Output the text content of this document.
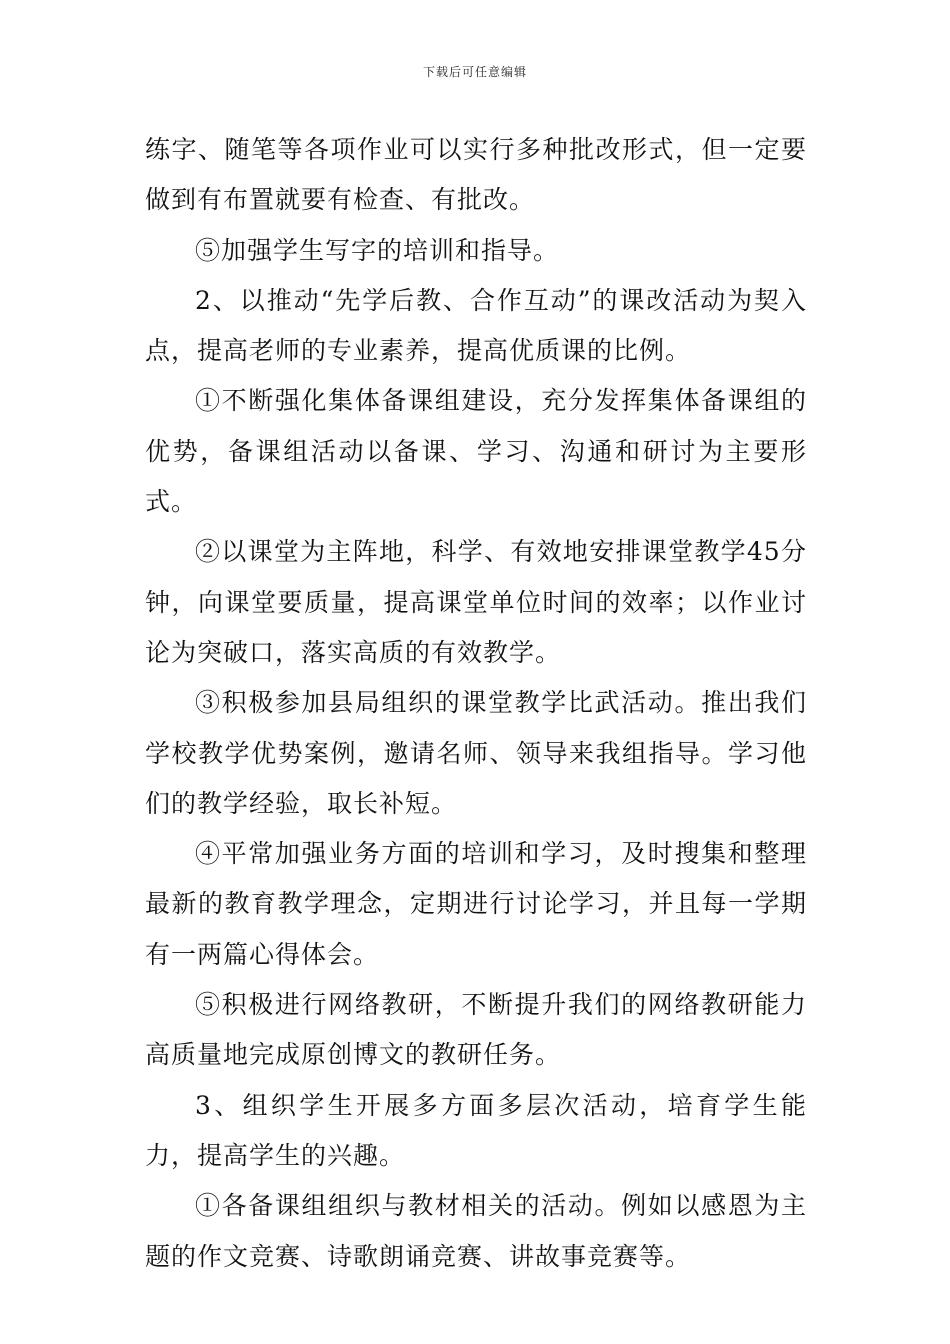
下载后可任意编辑

练字、随笔等各项作业可以实行多种批改形式，但一定要做到有布置就要有检查、有批改。

⑤加强学生写字的培训和指导。

2、以推动“先学后教、合作互动”的课改活动为契入点，提高老师的专业素养，提高优质课的比例。

①不断强化集体备课组建设，充分发挥集体备课组的优势，备课组活动以备课、学习、沟通和研讨为主要形式。

②以课堂为主阵地，科学、有效地安排课堂教学45分钟，向课堂要质量，提高课堂单位时间的效率；以作业讨论为突破口，落实高质的有效教学。

③积极参加县局组织的课堂教学比武活动。推出我们学校教学优势案例，邀请名师、领导来我组指导。学习他们的教学经验，取长补短。

④平常加强业务方面的培训和学习，及时搜集和整理最新的教育教学理念，定期进行讨论学习，并且每一学期有一两篇心得体会。

⑤积极进行网络教研，不断提升我们的网络教研能力高质量地完成原创博文的教研任务。

3、组织学生开展多方面多层次活动，培育学生能力，提高学生的兴趣。

①各备课组组织与教材相关的活动。例如以感恩为主题的作文竞赛、诗歌朗诵竞赛、讲故事竞赛等。
